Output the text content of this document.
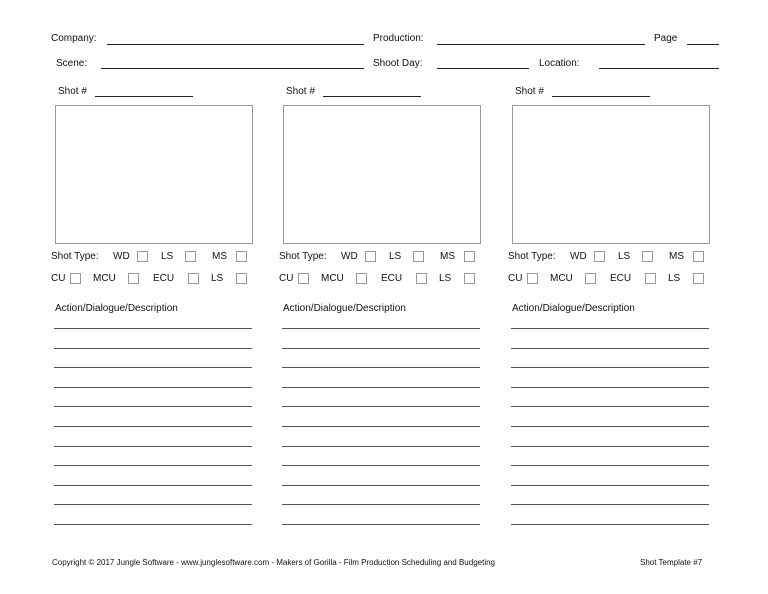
Company:	Production:	Page
Scene:	Shoot Day:	Location:
Shot #
Shot Type: WD	LS	MS
CU	MCU	ECU	LS
Action/Dialogue/Description
Shot #
Shot Type: WD	LS	MS
CU	MCU	ECU	LS
Action/Dialogue/Description
Shot #
Shot Type: WD	LS	MS
CU	MCU	ECU	LS
Action/Dialogue/Description
Copyright © 2017 Jungle Software - www.junglesoftware.com - Makers of Gorilla - Film Production Scheduling and Budgeting	Shot Template #7
